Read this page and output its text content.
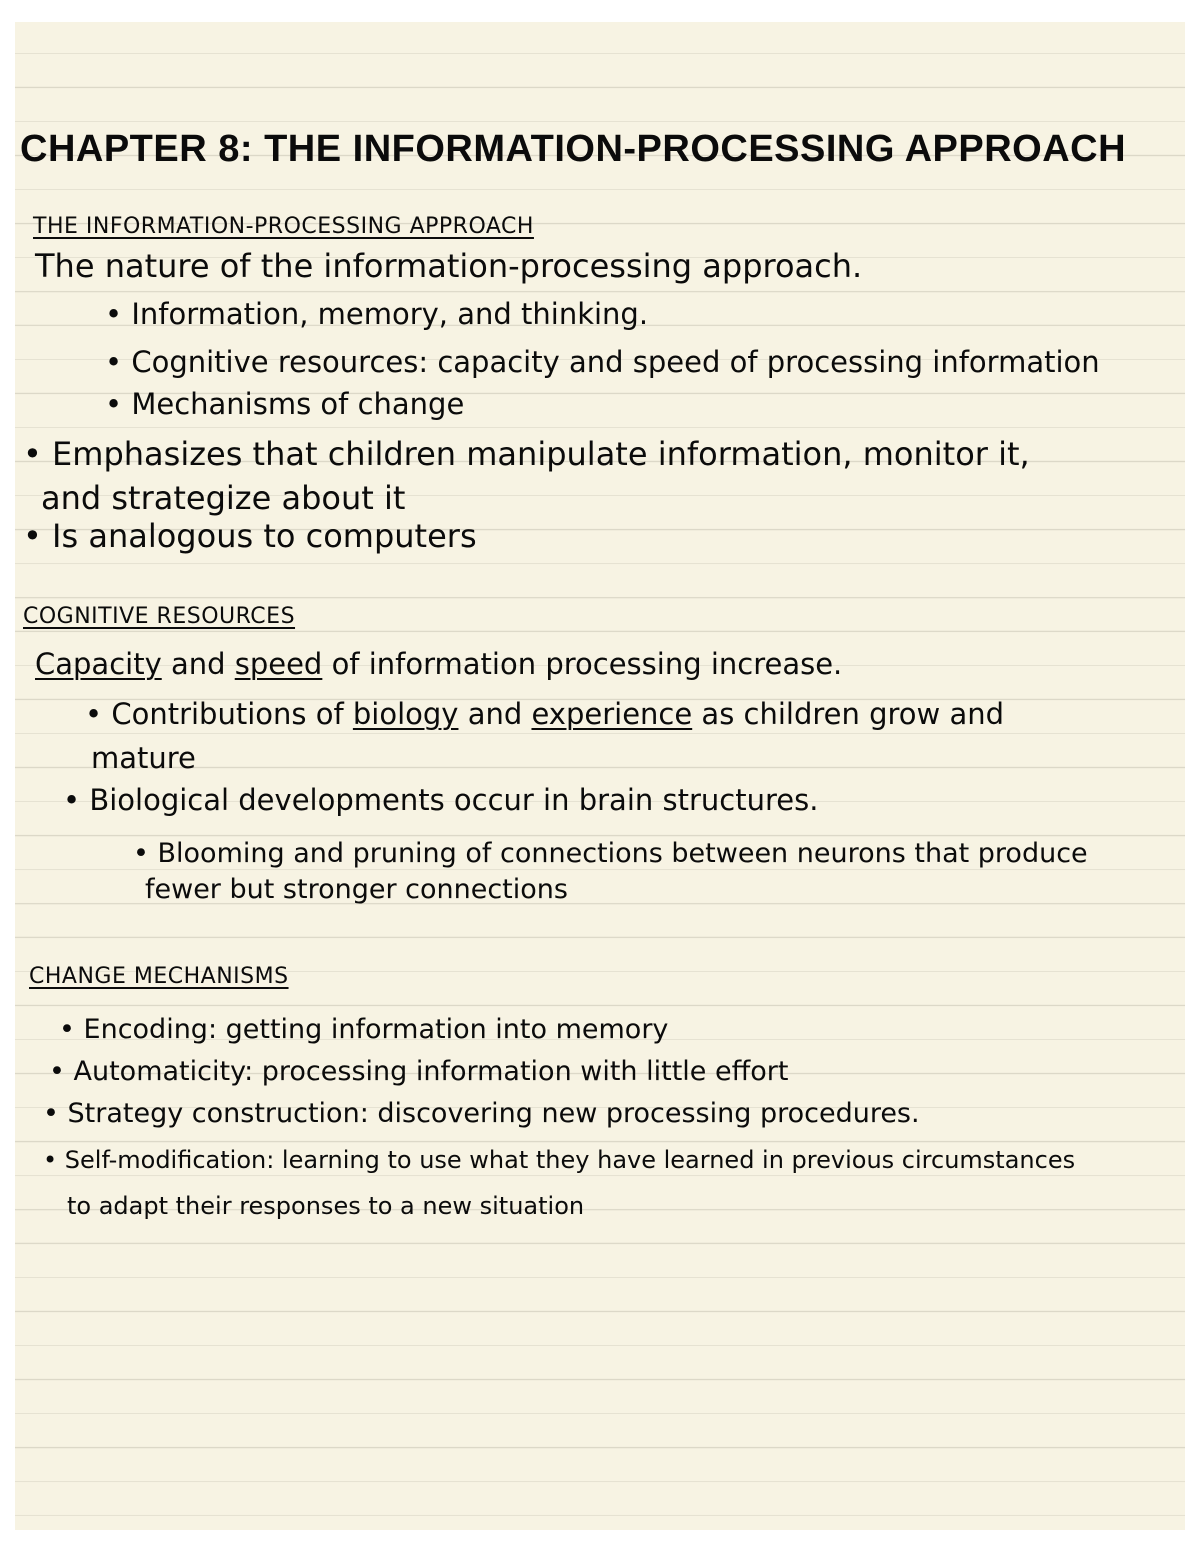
CHAPTER 8: THE INFORMATION-PROCESSING APPROACH
THE INFORMATION-PROCESSING APPROACH
The nature of the information-processing approach.
• Information, memory, and thinking.
• Cognitive resources: capacity and speed of processing information
• Mechanisms of change
• Emphasizes that children manipulate information, monitor it,
and strategize about it
• Is analogous to computers
COGNITIVE RESOURCES
Capacity and speed of information processing increase.
• Contributions of biology and experience as children grow and
mature
• Biological developments occur in brain structures.
• Blooming and pruning of connections between neurons that produce
fewer but stronger connections
CHANGE MECHANISMS
• Encoding: getting information into memory
• Automaticity: processing information with little effort
• Strategy construction: discovering new processing procedures.
• Self-modification: learning to use what they have learned in previous circumstances
to adapt their responses to a new situation
